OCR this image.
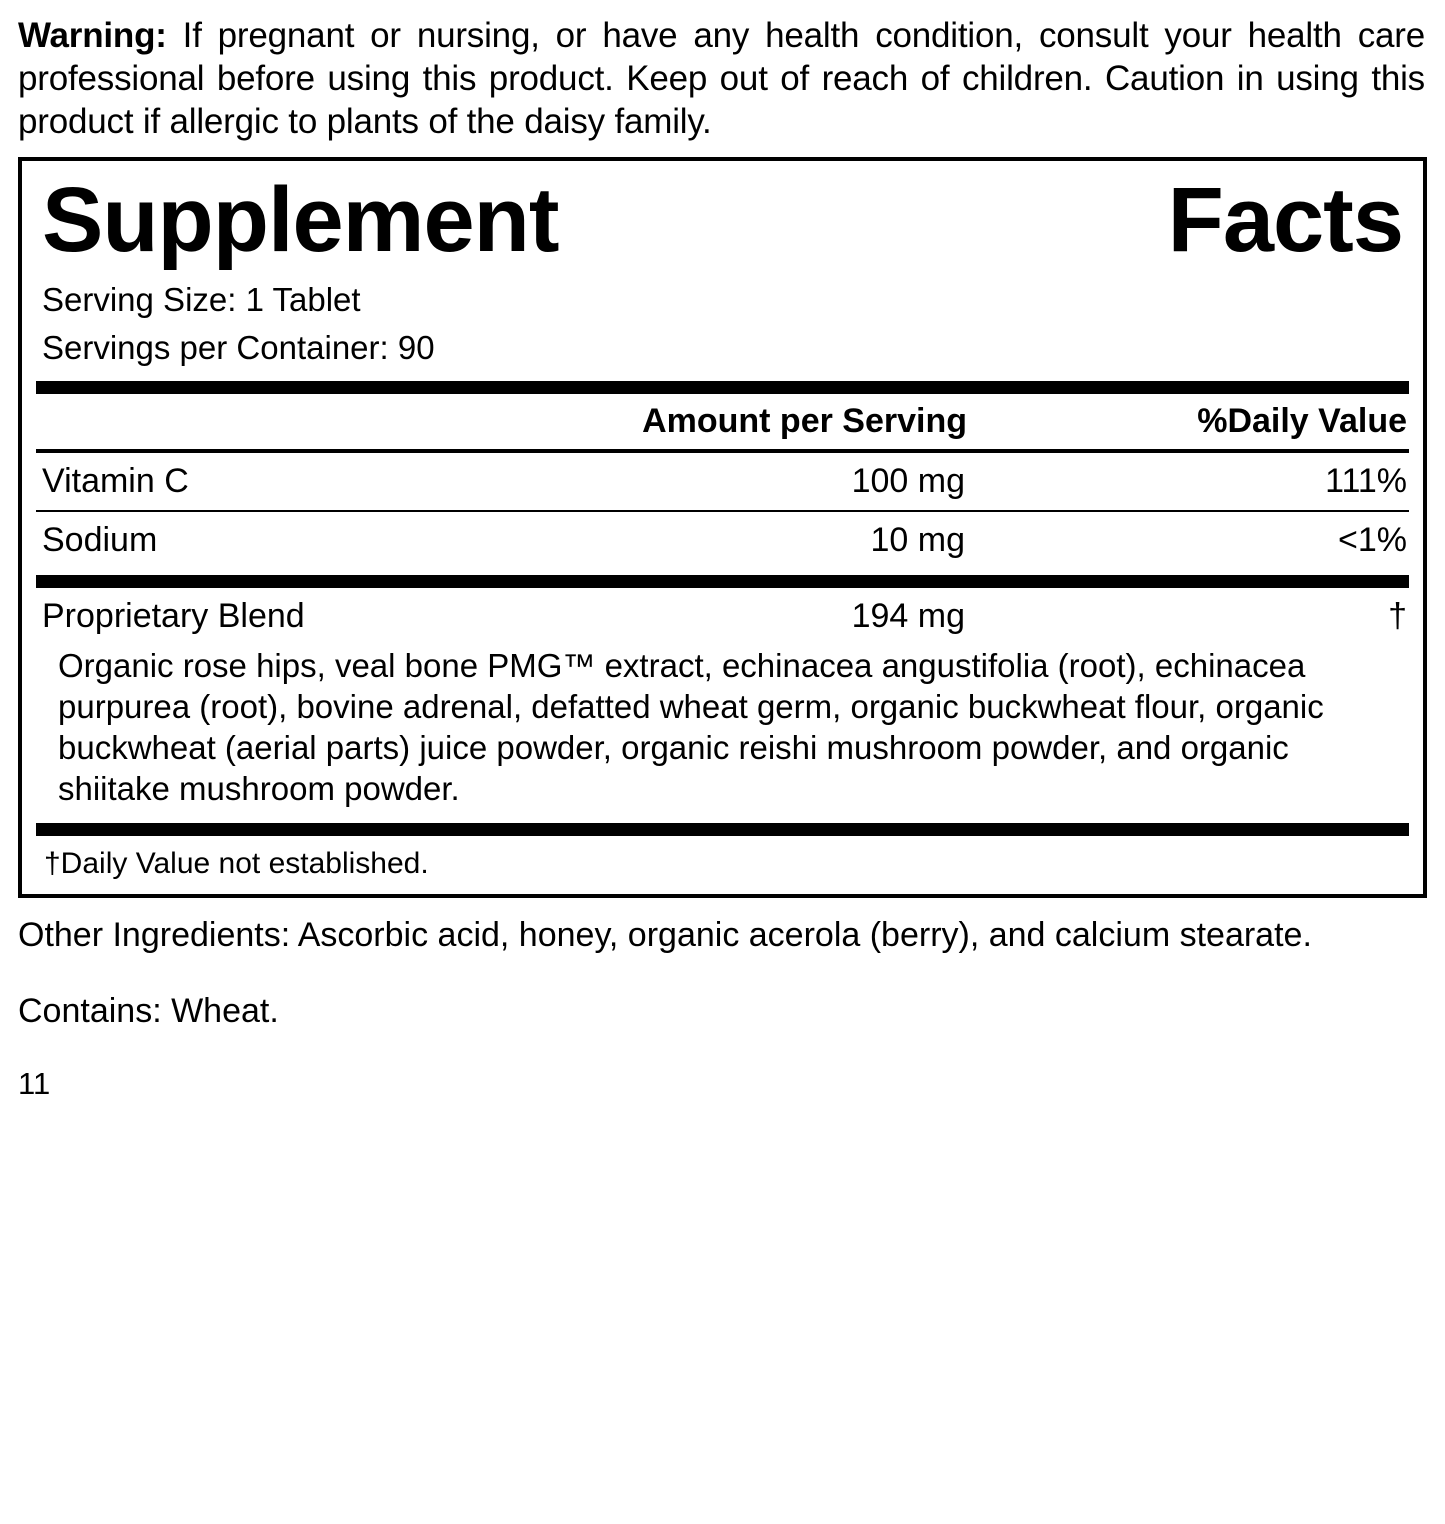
Warning: If pregnant or nursing, or have any health condition, consult your health care professional before using this product. Keep out of reach of children. Caution in using this product if allergic to plants of the daisy family.

Supplement	Facts
Serving Size: 1 Tablet
Servings per Container: 90
Amount per Serving	%Daily Value
Vitamin C	100 mg	111%
Sodium	10 mg	<1%
Proprietary Blend	194 mg	†
Organic rose hips, veal bone PMG™ extract, echinacea angustifolia (root), echinacea purpurea (root), bovine adrenal, defatted wheat germ, organic buckwheat flour, organic buckwheat (aerial parts) juice powder, organic reishi mushroom powder, and organic shiitake mushroom powder.
†Daily Value not established.

Other Ingredients: Ascorbic acid, honey, organic acerola (berry), and calcium stearate.

Contains: Wheat.

11
